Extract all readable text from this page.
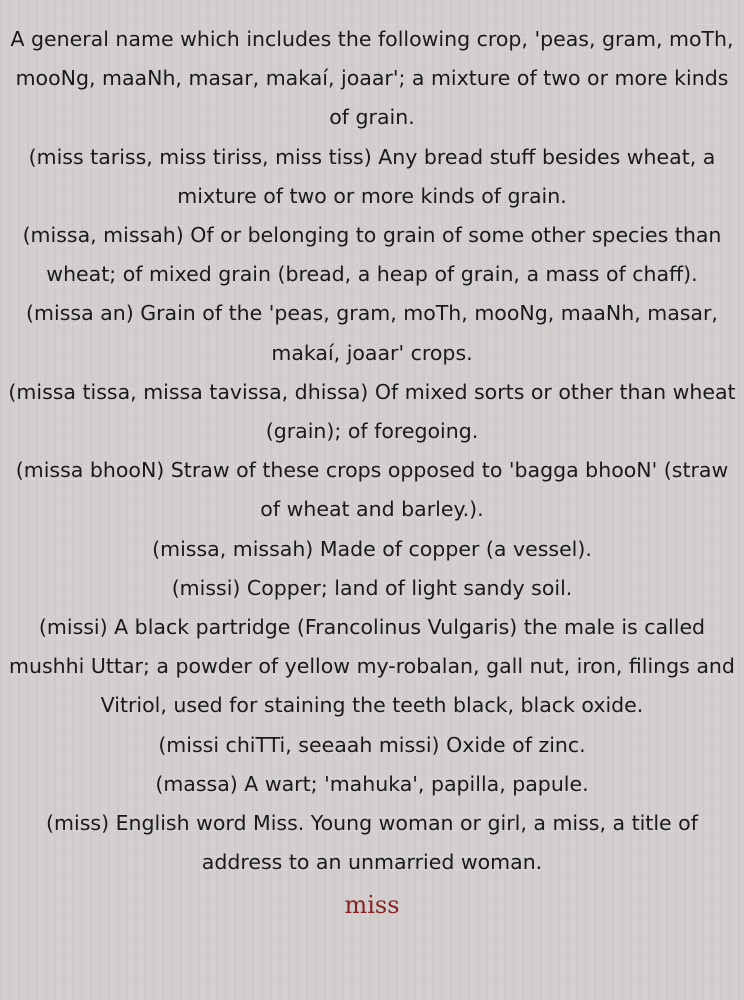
A general name which includes the following crop, 'peas, gram, moTh, mooNg, maaNh, masar, makaí, joaar'; a mixture of two or more kinds of grain.

(miss tariss, miss tiriss, miss tiss) Any bread stuff besides wheat, a mixture of two or more kinds of grain.

(missa, missah) Of or belonging to grain of some other species than wheat; of mixed grain (bread, a heap of grain, a mass of chaff).

(missa an) Grain of the 'peas, gram, moTh, mooNg, maaNh, masar, makaí, joaar' crops.

(missa tissa, missa tavissa, dhissa) Of mixed sorts or other than wheat (grain); of foregoing.

(missa bhooN) Straw of these crops opposed to 'bagga bhooN' (straw of wheat and barley.).

(missa, missah) Made of copper (a vessel).

(missi) Copper; land of light sandy soil.

(missi) A black partridge (Francolinus Vulgaris) the male is called mushhi Uttar; a powder of yellow my-robalan, gall nut, iron, filings and Vitriol, used for staining the teeth black, black oxide.

(missi chiTTi, seeaah missi) Oxide of zinc.

(massa) A wart; 'mahuka', papilla, papule.

(miss) English word Miss. Young woman or girl, a miss, a title of address to an unmarried woman.

miss
